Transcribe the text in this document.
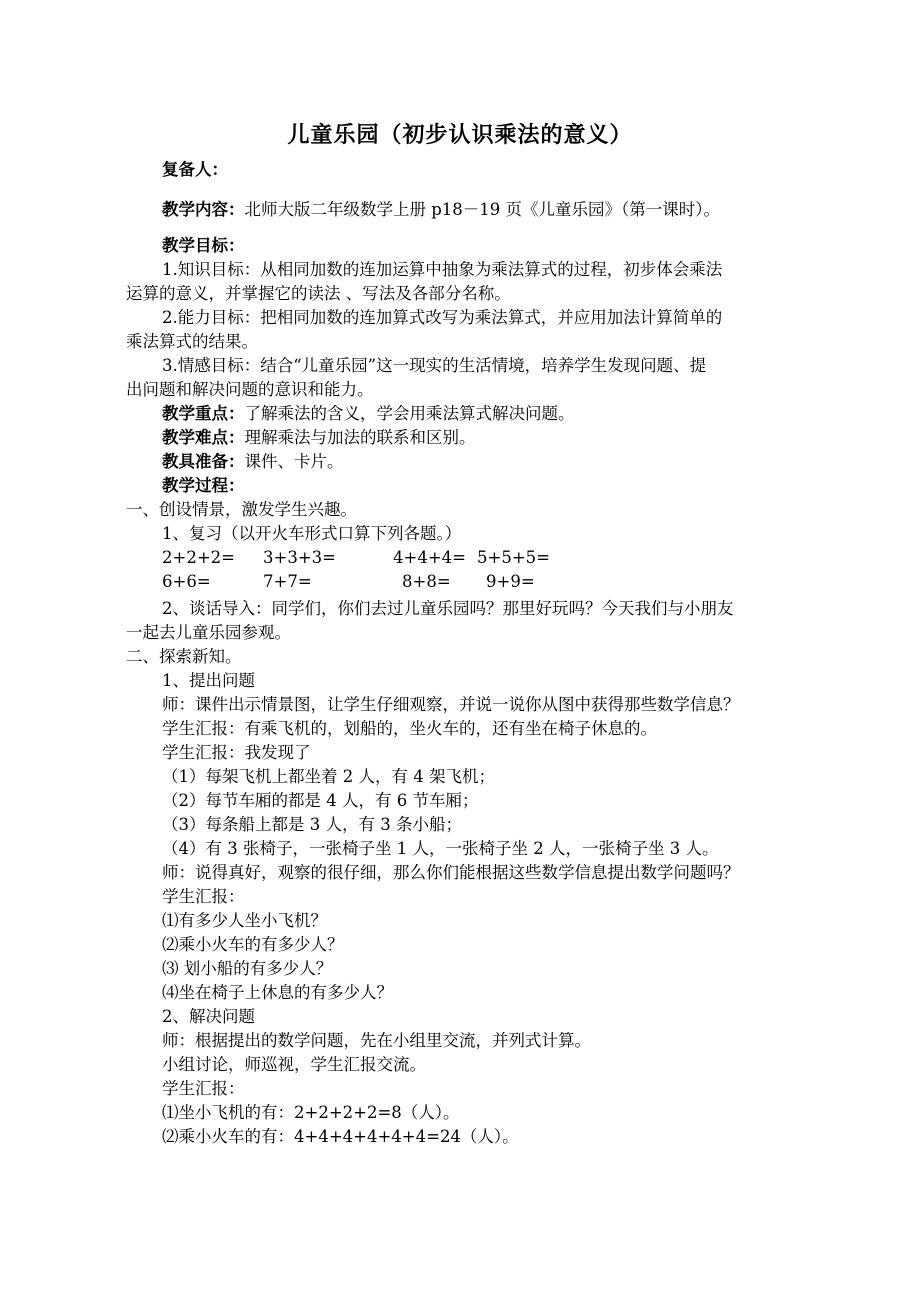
儿童乐园（初步认识乘法的意义）
复备人：
教学内容：北师大版二年级数学上册 p18－19 页《儿童乐园》（第一课时）。
教学目标：
1.知识目标：从相同加数的连加运算中抽象为乘法算式的过程，初步体会乘法
运算的意义，并掌握它的读法 、写法及各部分名称。
2.能力目标：把相同加数的连加算式改写为乘法算式，并应用加法计算简单的
乘法算式的结果。
3.情感目标：结合“儿童乐园”这一现实的生活情境，培养学生发现问题、提
出问题和解决问题的意识和能力。
教学重点：了解乘法的含义，学会用乘法算式解决问题。
教学难点：理解乘法与加法的联系和区别。
教具准备：课件、卡片。
教学过程：
一、创设情景，激发学生兴趣。
1、复习（以开火车形式口算下列各题。）
2+2+2= 3+3+3=	4+4+4= 5+5+5=
6+6=	7+7=	8+8= 9+9=
2、谈话导入：同学们，你们去过儿童乐园吗？那里好玩吗？今天我们与小朋友
一起去儿童乐园参观。
二、探索新知。
1、提出问题
师：课件出示情景图，让学生仔细观察，并说一说你从图中获得那些数学信息？
学生汇报：有乘飞机的，划船的，坐火车的，还有坐在椅子休息的。
学生汇报：我发现了
（1）每架飞机上都坐着 2 人，有 4 架飞机；
（2）每节车厢的都是 4 人，有 6 节车厢；
（3）每条船上都是 3 人，有 3 条小船；
（4）有 3 张椅子，一张椅子坐 1 人，一张椅子坐 2 人，一张椅子坐 3 人。
师：说得真好，观察的很仔细，那么你们能根据这些数学信息提出数学问题吗？
学生汇报：
⑴有多少人坐小飞机？
⑵乘小火车的有多少人？
⑶ 划小船的有多少人？
⑷坐在椅子上休息的有多少人？
2、解决问题
师：根据提出的数学问题，先在小组里交流，并列式计算。
小组讨论，师巡视，学生汇报交流。
学生汇报：
⑴坐小飞机的有：2+2+2+2=8（人）。
⑵乘小火车的有：4+4+4+4+4+4=24（人）。
